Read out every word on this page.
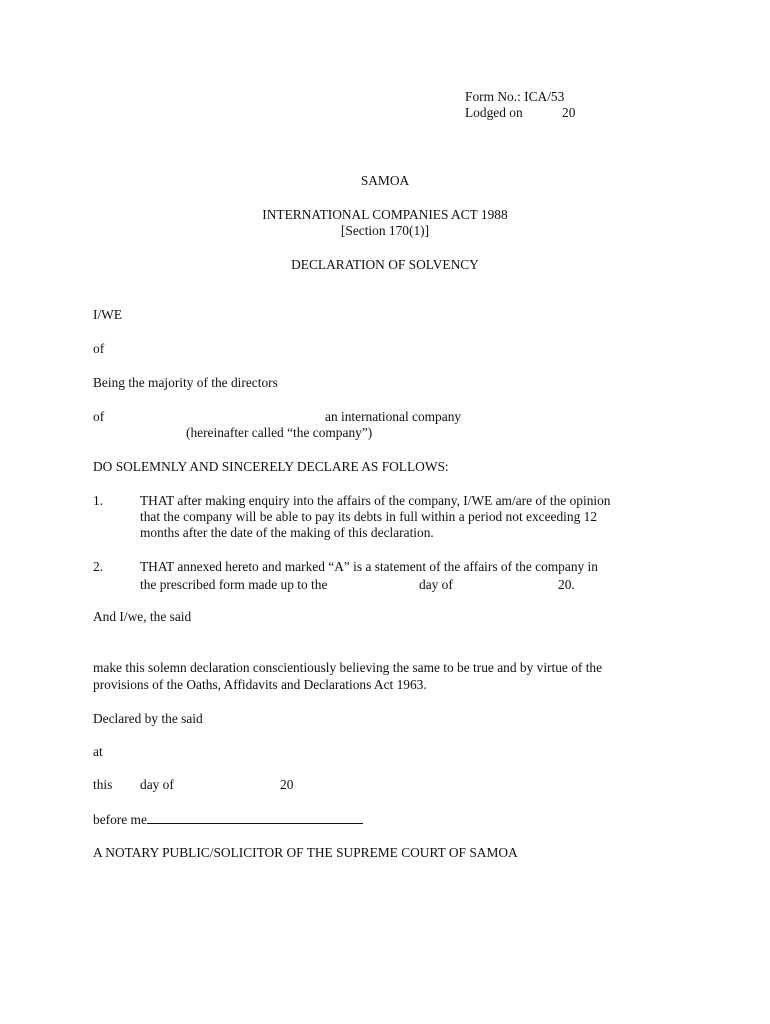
Form No.: ICA/53
Lodged on	20
SAMOA
INTERNATIONAL COMPANIES ACT 1988
[Section 170(1)]
DECLARATION OF SOLVENCY
I/WE
of
Being the majority of the directors
of	an international company
(hereinafter called “the company”)
DO SOLEMNLY AND SINCERELY DECLARE AS FOLLOWS:
1.	THAT after making enquiry into the affairs of the company, I/WE am/are of the opinion
that the company will be able to pay its debts in full within a period not exceeding 12
months after the date of the making of this declaration.
2.	THAT annexed hereto and marked “A” is a statement of the affairs of the company in
the prescribed form made up to the	day of	20.
And I/we, the said
make this solemn declaration conscientiously believing the same to be true and by virtue of the
provisions of the Oaths, Affidavits and Declarations Act 1963.
Declared by the said
at
this day of	20
before me
A NOTARY PUBLIC/SOLICITOR OF THE SUPREME COURT OF SAMOA
